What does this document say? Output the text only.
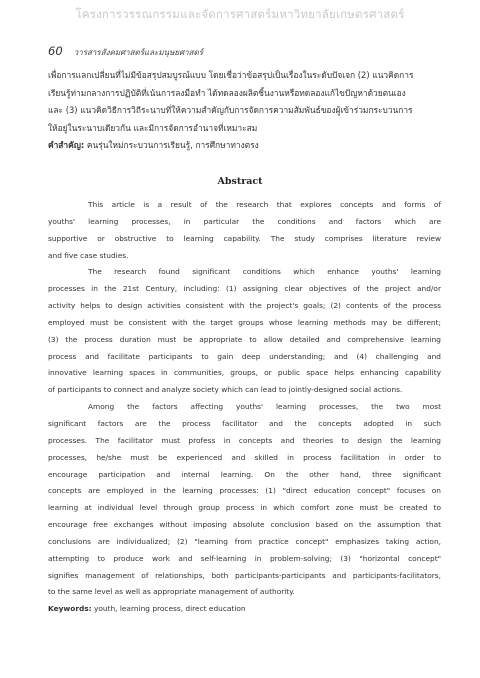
โครงการวรรณกรรมและจัดการศาสตร์มหาวิทยาลัยเกษตรศาสตร์
60 วารสารสังคมศาสตร์และมนุษยศาสตร์

เพื่อการแลกเปลี่ยนที่ไม่มีข้อสรุปสมบูรณ์แบบ โดยเชื่อว่าข้อสรุปเป็นเรื่องในระดับปัจเจก (2) แนวคิดการ

เรียนรู้ท่ามกลางการปฏิบัติที่เน้นการลงมือทำ ได้ทดลองผลิตชิ้นงานหรือทดลองแก้ไขปัญหาด้วยตนเอง

และ (3) แนวคิดวิธีการวิถีระนาบที่ให้ความสำคัญกับการจัดการความสัมพันธ์ของผู้เข้าร่วมกระบวนการ

ให้อยู่ในระนาบเดียวกัน และมีการจัดการอำนาจที่เหมาะสม

คำสำคัญ: คนรุ่นใหม่กระบวนการเรียนรู้, การศึกษาทางตรง

Abstract
This article is a result of the research that explores concepts and forms of
youths' learning processes, in particular the conditions and factors which are
supportive or obstructive to learning capability. The study comprises literature review
and five case studies.
The research found significant conditions which enhance youths' learning
processes in the 21st Century, including: (1) assigning clear objectives of the project and/or
activity helps to design activities consistent with the project's goals; (2) contents of the process
employed must be consistent with the target groups whose learning methods may be different;
(3) the process duration must be appropriate to allow detailed and comprehensive learning
process and facilitate participants to gain deep understanding; and (4) challenging and
innovative learning spaces in communities, groups, or public space helps enhancing capability
of participants to connect and analyze society which can lead to jointly-designed social actions.
Among the factors affecting youths' learning processes, the two most
significant factors are the process facilitator and the concepts adopted in such
processes. The facilitator must profess in concepts and theories to design the learning
processes, he/she must be experienced and skilled in process facilitation in order to
encourage participation and internal learning. On the other hand, three significant
concepts are employed in the learning processes: (1) "direct education concept" focuses on
learning at individual level through group process in which comfort zone must be created to
encourage free exchanges without imposing absolute conclusion based on the assumption that
conclusions are individualized; (2) "learning from practice concept" emphasizes taking action,
attempting to produce work and self-learning in problem-solving; (3) "horizontal concept"
signifies management of relationships, both participants-participants and participants-facilitators,
to the same level as well as appropriate management of authority.
Keywords: youth, learning process, direct education
